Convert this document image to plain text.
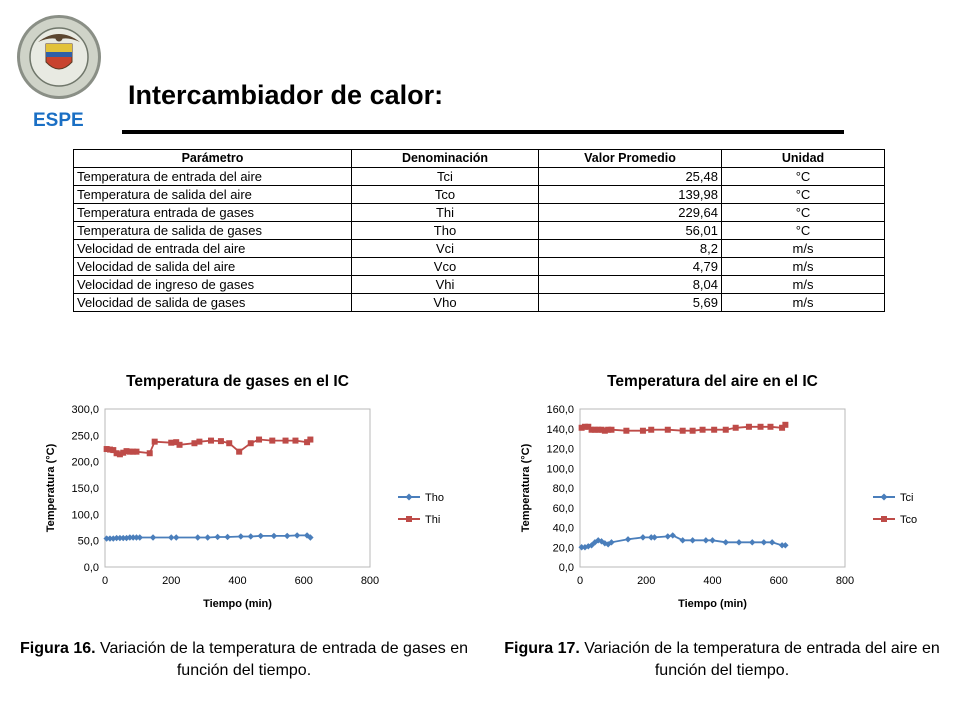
ESPE
Intercambiador de calor:
Parámetro	Denominación	Valor Promedio	Unidad
Temperatura de entrada del aire	Tci	25,48	°C
Temperatura de salida del aire	Tco	139,98	°C
Temperatura entrada de gases	Thi	229,64	°C
Temperatura de salida de gases	Tho	56,01	°C
Velocidad de entrada del aire	Vci	8,2	m/s
Velocidad de salida del aire	Vco	4,79	m/s
Velocidad de ingreso de gases	Vhi	8,04	m/s
Velocidad de salida de gases	Vho	5,69	m/s
Temperatura de gases en el IC
0,0
50,0
100,0
150,0
200,0
250,0
300,0
0	200	400	600	800
Tiempo (min)
Temperatura (°C)	Tho
Thi
Temperatura del aire en el IC
0,0
20,0
40,0
60,0
80,0
100,0
120,0
140,0
160,0
0	200	400	600	800
Tiempo (min)
Temperatura (°C)	Tci
Tco
Figura 16. Variación de la temperatura de entrada de gases en función del tiempo.
Figura 17. Variación de la temperatura de entrada del aire en función del tiempo.
